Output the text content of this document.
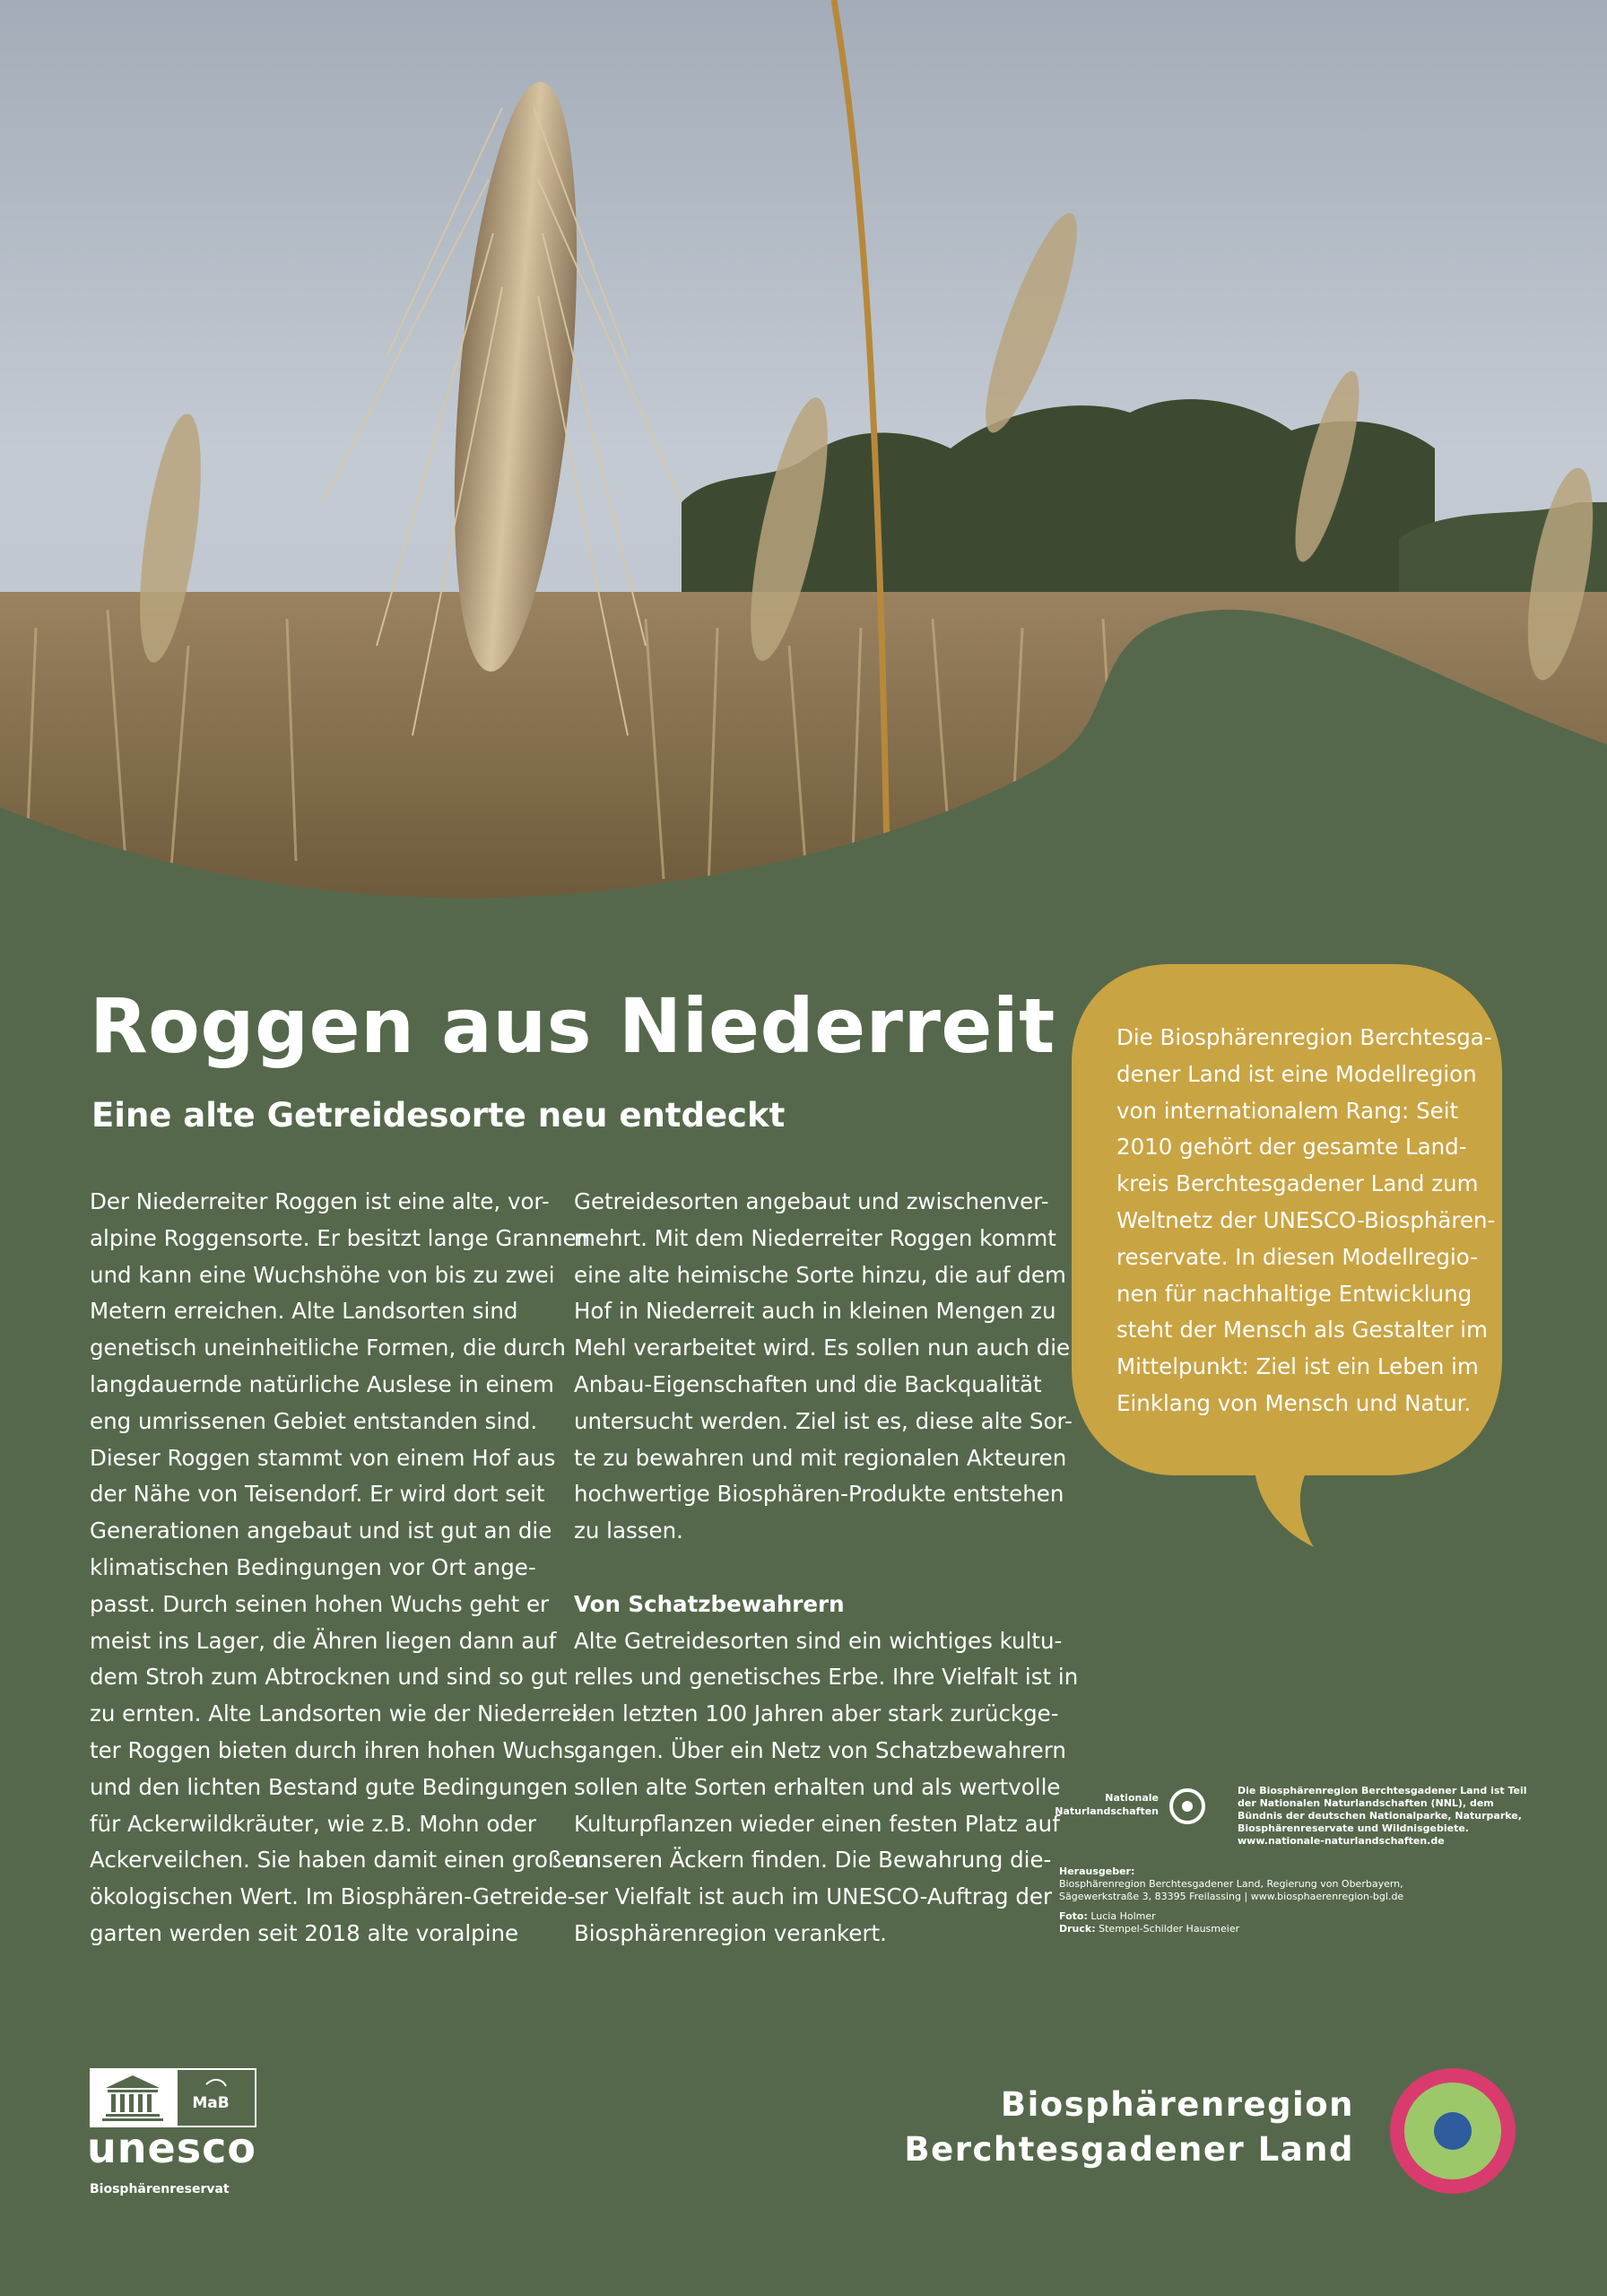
Roggen aus Niederreit
Eine alte Getreidesorte neu entdeckt
Der Niederreiter Roggen ist eine alte, vor-
alpine Roggensorte. Er besitzt lange Grannen
und kann eine Wuchshöhe von bis zu zwei
Metern erreichen. Alte Landsorten sind
genetisch uneinheitliche Formen, die durch
langdauernde natürliche Auslese in einem
eng umrissenen Gebiet entstanden sind.
Dieser Roggen stammt von einem Hof aus
der Nähe von Teisendorf. Er wird dort seit
Generationen angebaut und ist gut an die
klimatischen Bedingungen vor Ort ange-
passt. Durch seinen hohen Wuchs geht er
meist ins Lager, die Ähren liegen dann auf
dem Stroh zum Abtrocknen und sind so gut
zu ernten. Alte Landsorten wie der Niederrei-
ter Roggen bieten durch ihren hohen Wuchs
und den lichten Bestand gute Bedingungen
für Ackerwildkräuter, wie z.B. Mohn oder
Ackerveilchen. Sie haben damit einen großen
ökologischen Wert. Im Biosphären-Getreide-
garten werden seit 2018 alte voralpine
Getreidesorten angebaut und zwischenver-
mehrt. Mit dem Niederreiter Roggen kommt
eine alte heimische Sorte hinzu, die auf dem
Hof in Niederreit auch in kleinen Mengen zu
Mehl verarbeitet wird. Es sollen nun auch die
Anbau-Eigenschaften und die Backqualität
untersucht werden. Ziel ist es, diese alte Sor-
te zu bewahren und mit regionalen Akteuren
hochwertige Biosphären-Produkte entstehen
zu lassen.
Von Schatzbewahrern
Alte Getreidesorten sind ein wichtiges kultu-
relles und genetisches Erbe. Ihre Vielfalt ist in
den letzten 100 Jahren aber stark zurückge-
gangen. Über ein Netz von Schatzbewahrern
sollen alte Sorten erhalten und als wertvolle
Kulturpflanzen wieder einen festen Platz auf
unseren Äckern finden. Die Bewahrung die-
ser Vielfalt ist auch im UNESCO-Auftrag der
Biosphärenregion verankert.
Die Biosphärenregion Berchtesga-
dener Land ist eine Modellregion
von internationalem Rang: Seit
2010 gehört der gesamte Land-
kreis Berchtesgadener Land zum
Weltnetz der UNESCO-Biosphären-
reservate. In diesen Modellregio-
nen für nachhaltige Entwicklung
steht der Mensch als Gestalter im
Mittelpunkt: Ziel ist ein Leben im
Einklang von Mensch und Natur.
Nationale
Naturlandschaften
Die Biosphärenregion Berchtesgadener Land ist Teil
der Nationalen Naturlandschaften (NNL), dem
Bündnis der deutschen Nationalparke, Naturparke,
Biosphärenreservate und Wildnisgebiete.
www.nationale-naturlandschaften.de
Herausgeber:
Biosphärenregion Berchtesgadener Land, Regierung von Oberbayern,
Sägewerkstraße 3, 83395 Freilassing | www.biosphaerenregion-bgl.de
Foto: Lucia Holmer
Druck: Stempel-Schilder Hausmeier
MaB
unesco
Biosphärenreservat
Biosphärenregion
Berchtesgadener Land
